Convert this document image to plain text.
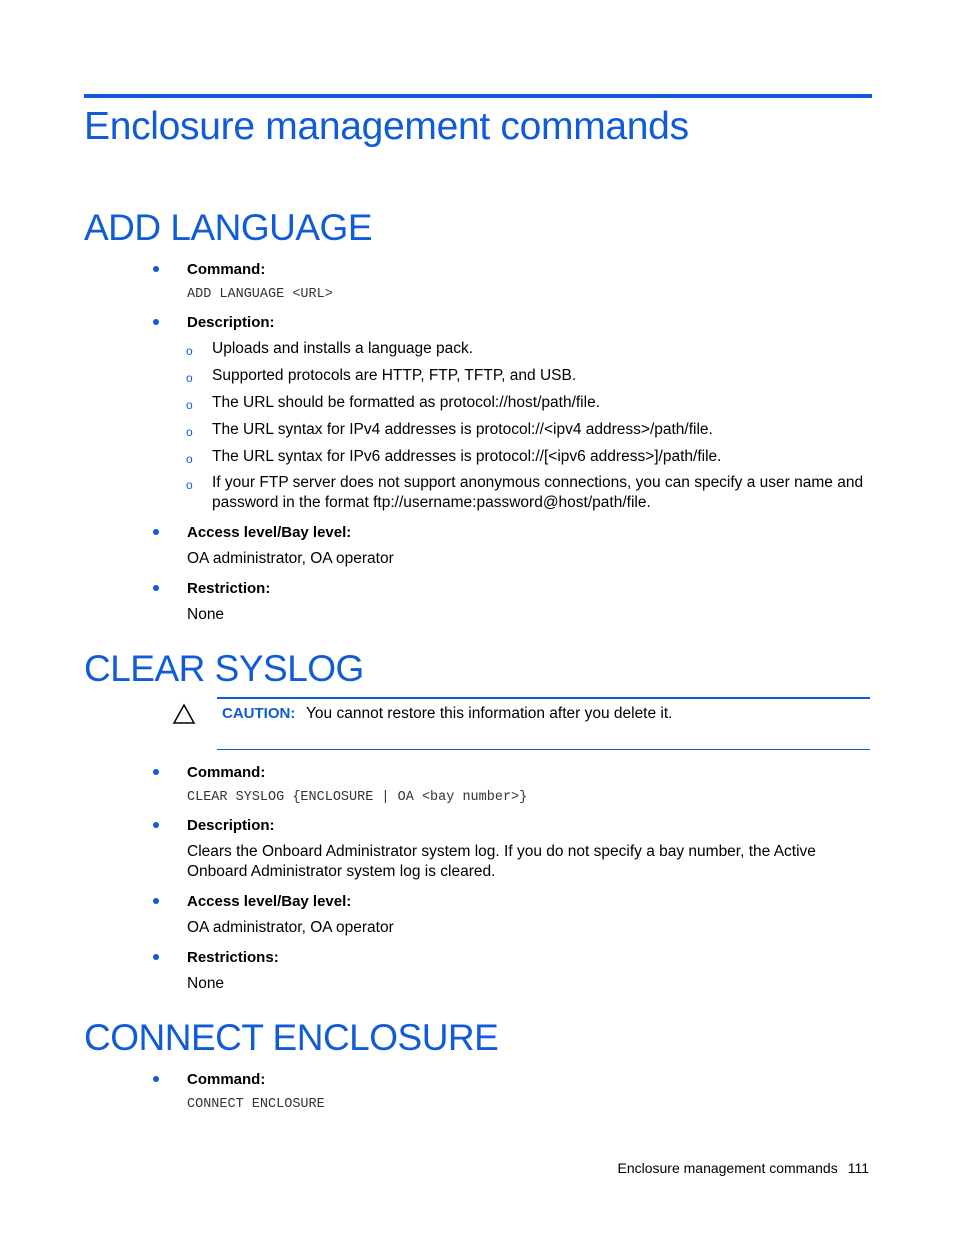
Enclosure management commands
ADD LANGUAGE
Command:
ADD LANGUAGE <URL>
Description:
o Uploads and installs a language pack.

o Supported protocols are HTTP, FTP, TFTP, and USB.

o The URL should be formatted as protocol://host/path/file.

o The URL syntax for IPv4 addresses is protocol://<ipv4 address>/path/file.

o The URL syntax for IPv6 addresses is protocol://[<ipv6 address>]/path/file.

o If your FTP server does not support anonymous connections, you can specify a user name and password in the format ftp://username:password@host/path/file.

Access level/Bay level:

OA administrator, OA operator

Restriction:

None

CLEAR SYSLOG
CAUTION: You cannot restore this information after you delete it.
Command:
CLEAR SYSLOG {ENCLOSURE | OA <bay number>}
Description:

Clears the Onboard Administrator system log. If you do not specify a bay number, the Active Onboard Administrator system log is cleared.

Access level/Bay level:

OA administrator, OA operator

Restrictions:

None

CONNECT ENCLOSURE
Command:
CONNECT ENCLOSURE
Enclosure management commands 111
